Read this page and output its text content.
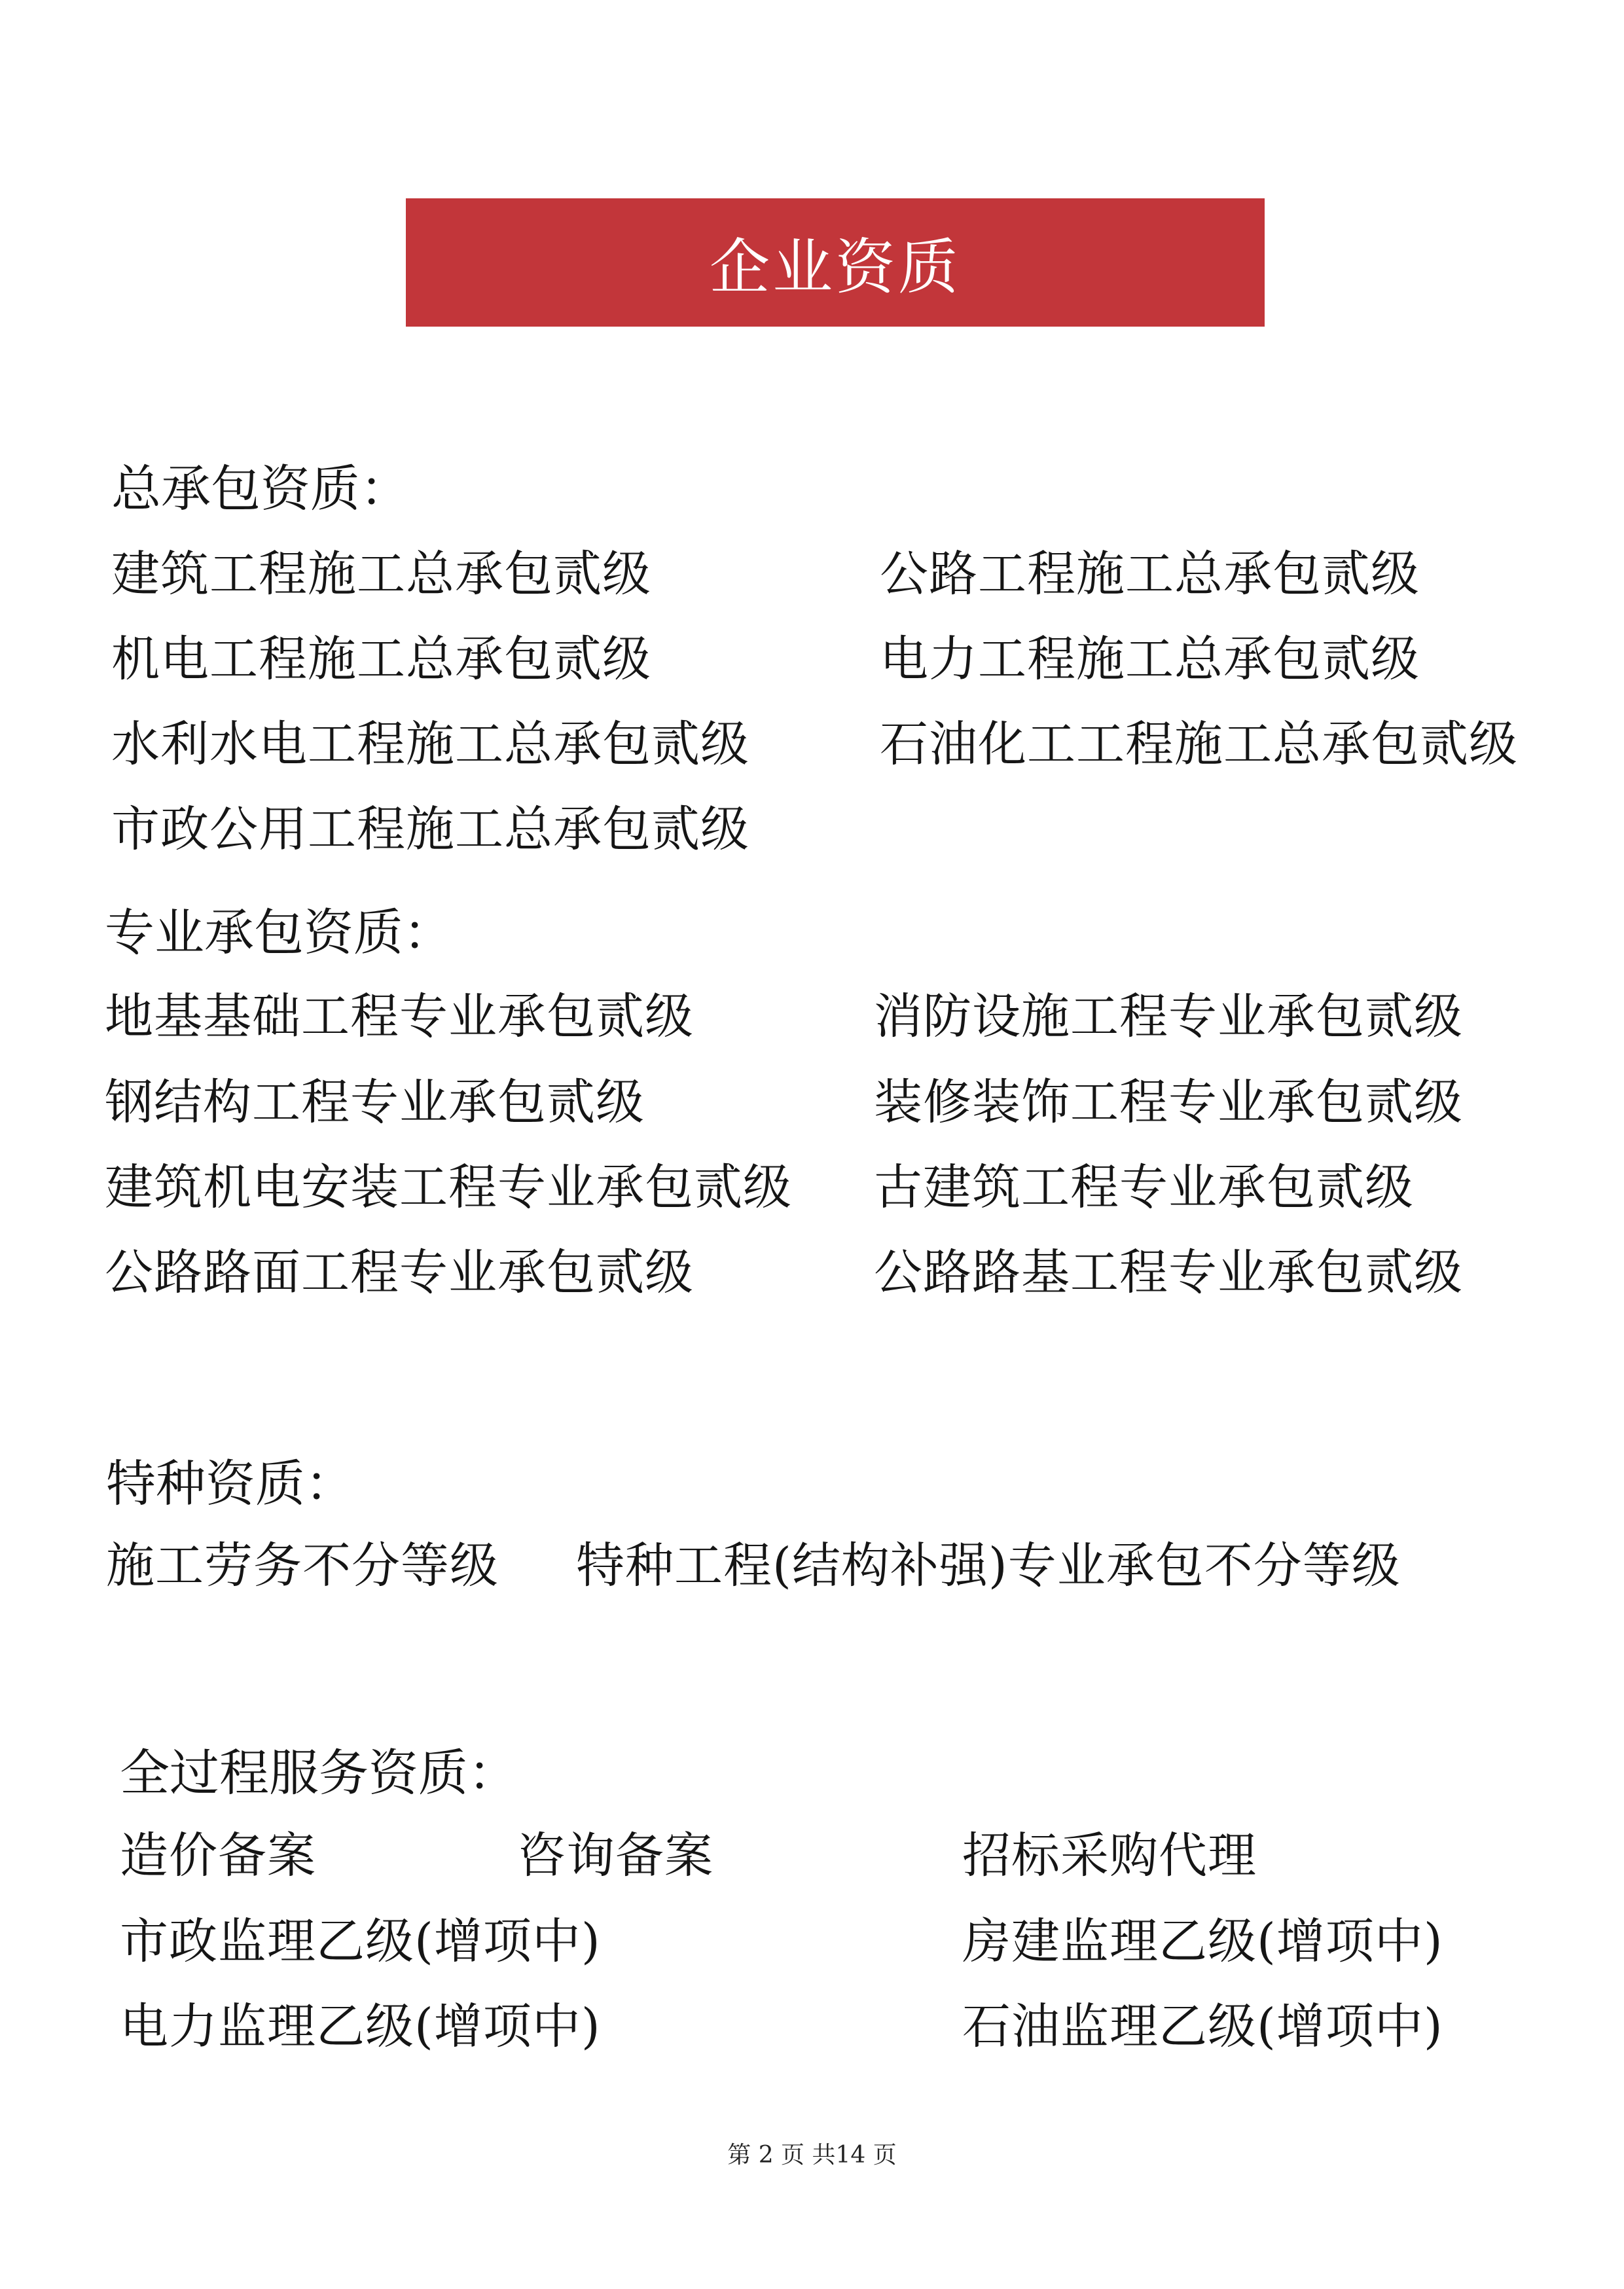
企业资质
总承包资质：
建筑工程施工总承包贰级	公路工程施工总承包贰级
机电工程施工总承包贰级	电力工程施工总承包贰级
水利水电工程施工总承包贰级	石油化工工程施工总承包贰级
市政公用工程施工总承包贰级
专业承包资质：
地基基础工程专业承包贰级	消防设施工程专业承包贰级
钢结构工程专业承包贰级	装修装饰工程专业承包贰级
建筑机电安装工程专业承包贰级 古建筑工程专业承包贰级
公路路面工程专业承包贰级	公路路基工程专业承包贰级
特种资质：
施工劳务不分等级 特种工程(结构补强)专业承包不分等级
全过程服务资质：
造价备案	咨询备案	招标采购代理
市政监理乙级(增项中)	房建监理乙级(增项中)
电力监理乙级(增项中)	石油监理乙级(增项中)
第 2 页 共14 页
